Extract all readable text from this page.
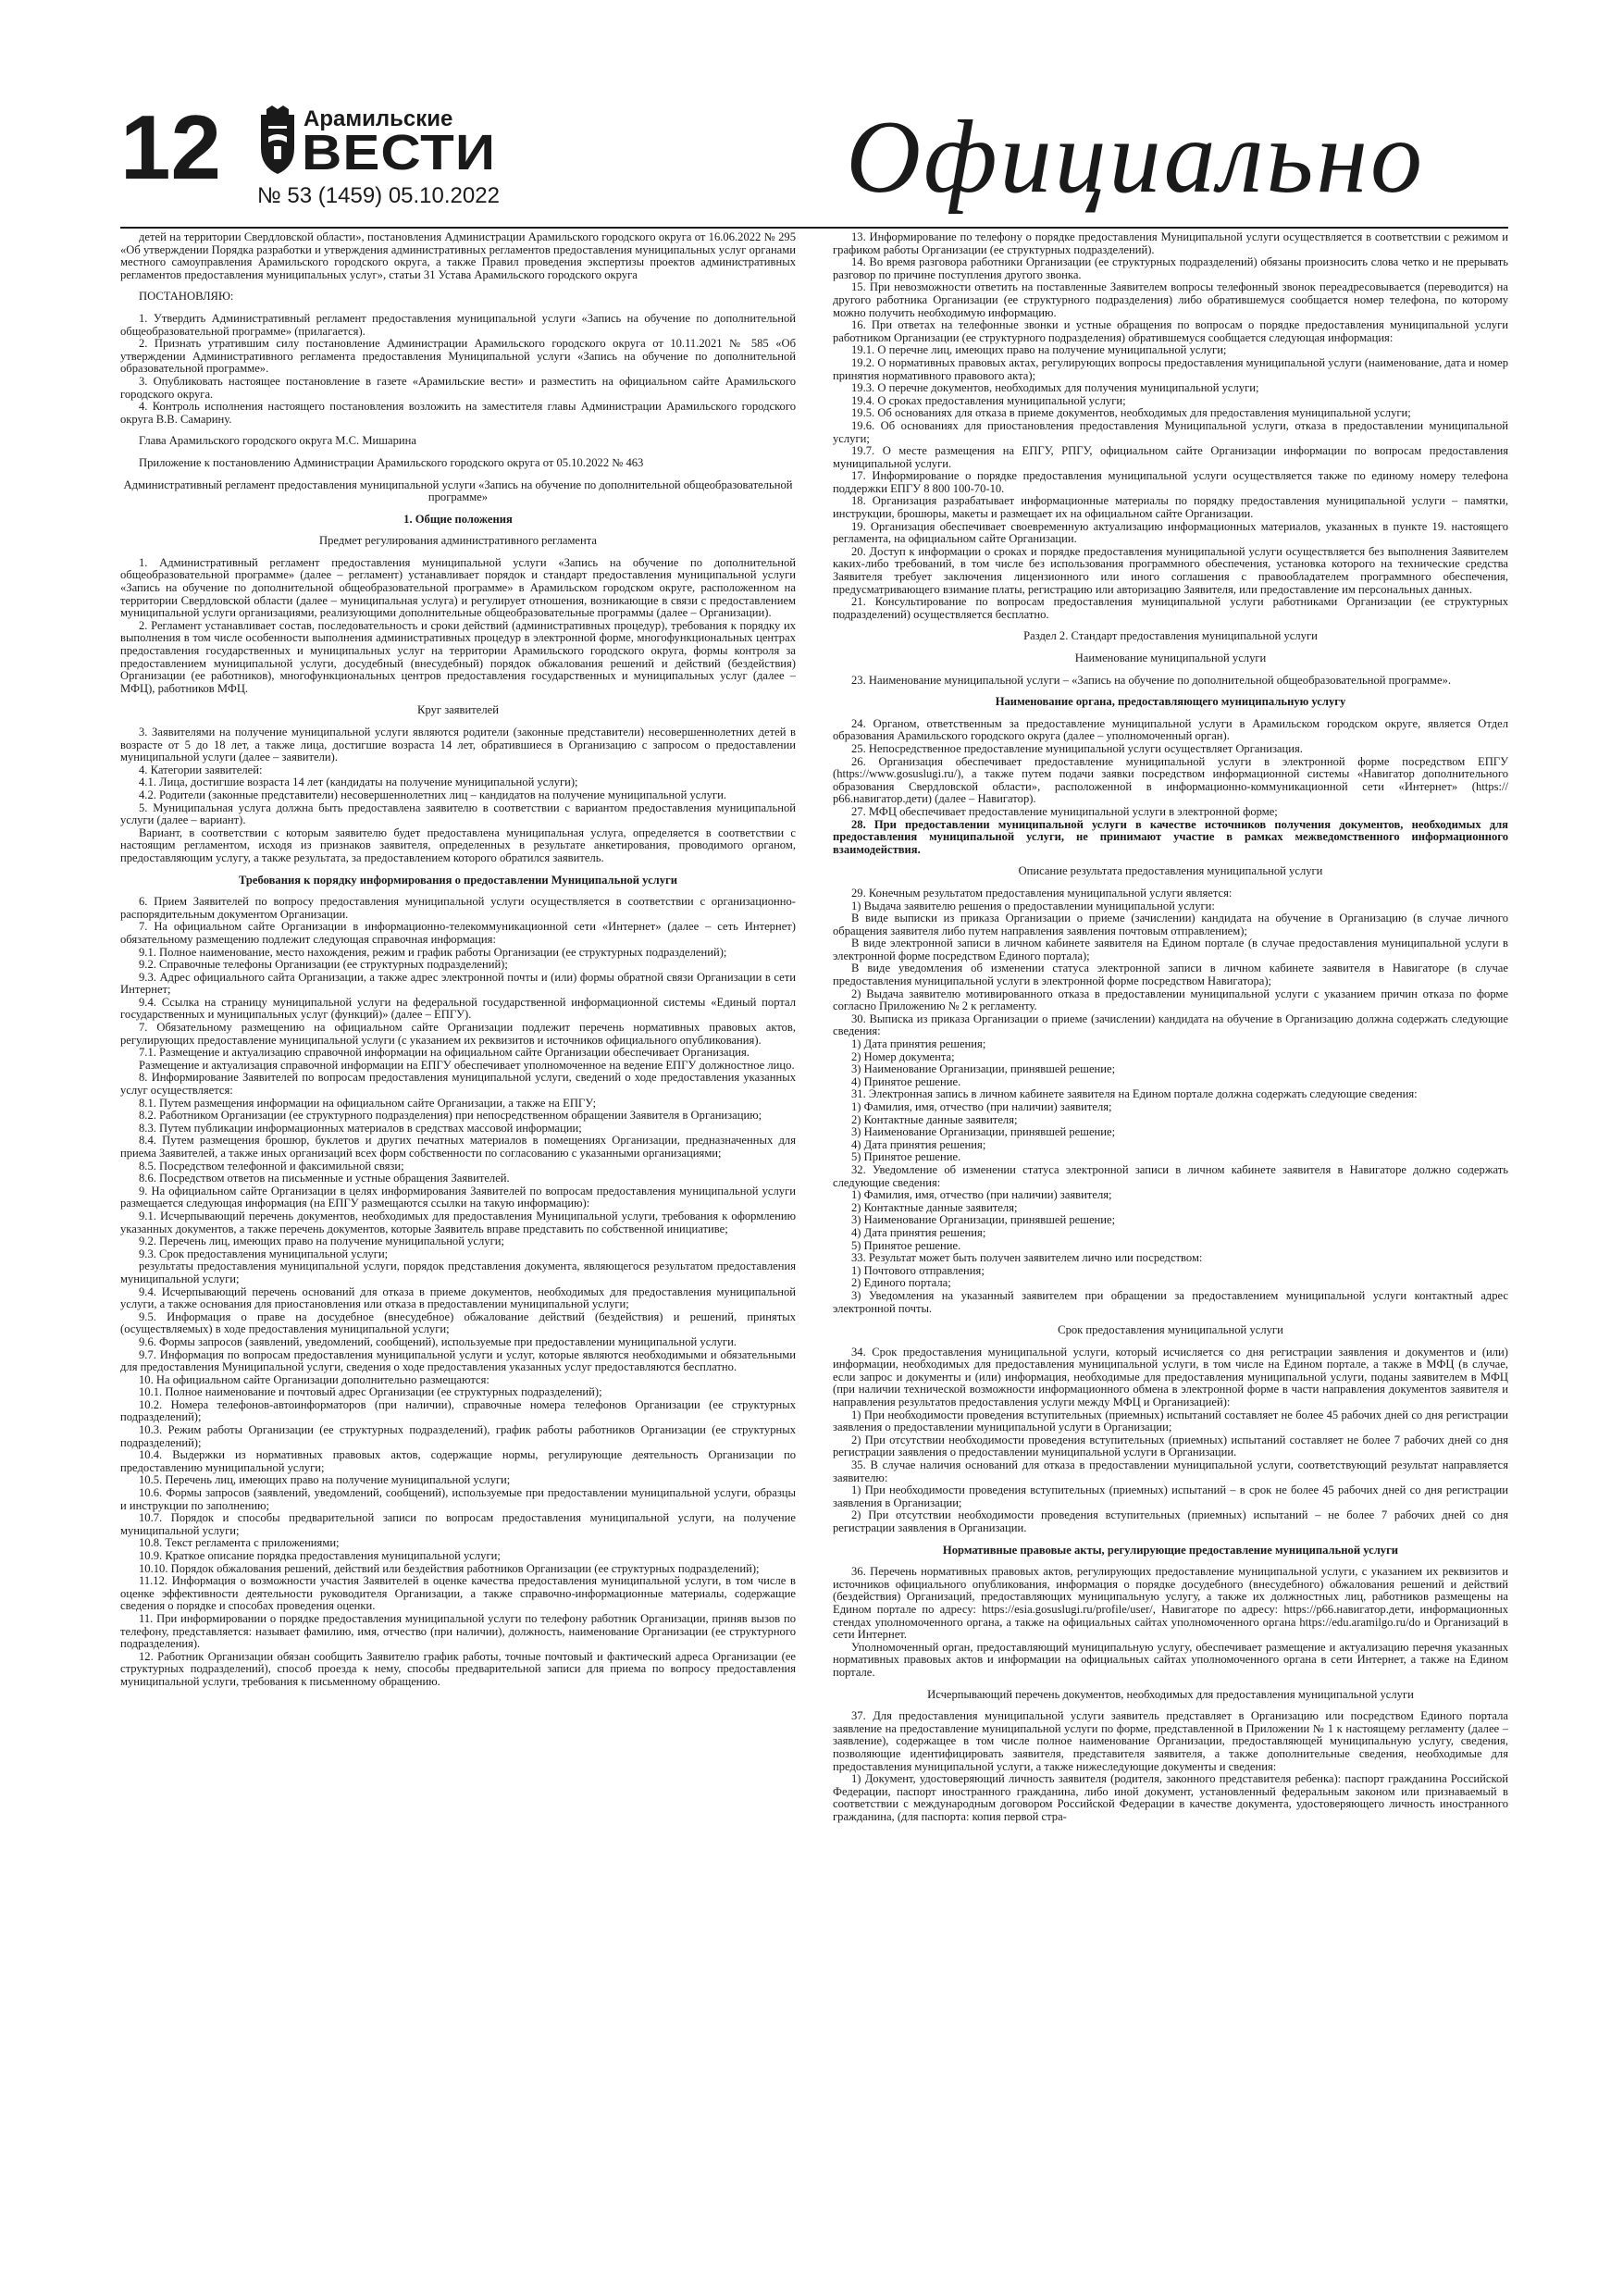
12	Арамильские
ВЕСТИ
№ 53 (1459) 05.10.2022	Официально

детей на территории Свердловской области», постановления Администрации Арамильского городского округа от 16.06.2022 № 295 «Об утверждении Порядка разработки и утверждения административных регламентов предоставления муниципальных услуг органами местного самоуправления Арамильского городского округа, а также Правил проведения экспертизы проектов административных регламентов предоставления муниципальных услуг», статьи 31 Устава Арамильского городского округа

ПОСТАНОВЛЯЮ:

1. Утвердить Административный регламент предоставления муниципальной услуги «Запись на обучение по дополнительной общеобразовательной программе» (прилагается).

2. Признать утратившим силу постановление Администрации Арамильского городского округа от 10.11.2021 № 585 «Об утверждении Административного регламента предоставления Муниципальной услуги «Запись на обучение по дополнительной образовательной программе».

3. Опубликовать настоящее постановление в газете «Арамильские вести» и разместить на официальном сайте Арамильского городского округа.

4. Контроль исполнения настоящего постановления возложить на заместителя главы Администрации Арамильского городского округа В.В. Самарину.

Глава Арамильского городского округа М.С. Мишарина

Приложение к постановлению Администрации Арамильского городского округа от 05.10.2022 № 463

Административный регламент предоставления муниципальной услуги «Запись на обучение по дополнительной общеобразовательной программе»

1. Общие положения

Предмет регулирования административного регламента

1. Административный регламент предоставления муниципальной услуги «Запись на обучение по дополнительной общеобразовательной программе» (далее – регламент) устанавливает порядок и стандарт предоставления муниципальной услуги «Запись на обучение по дополнительной общеобразовательной программе» в Арамильском городском округе, расположенном на территории Свердловской области (далее – муниципальная услуга) и регулирует отношения, возникающие в связи с предоставлением муниципальной услуги организациями, реализующими дополнительные общеобразовательные программы (далее – Организации).

2. Регламент устанавливает состав, последовательность и сроки действий (административных процедур), требования к порядку их выполнения в том числе особенности выполнения административных процедур в электронной форме, многофункциональных центрах предоставления государственных и муниципальных услуг на территории Арамильского городского округа, формы контроля за предоставлением муниципальной услуги, досудебный (внесудебный) порядок обжалования решений и действий (бездействия) Организации (ее работников), многофункциональных центров предоставления государственных и муниципальных услуг (далее – МФЦ), работников МФЦ.

Круг заявителей

3. Заявителями на получение муниципальной услуги являются родители (законные представители) несовершеннолетних детей в возрасте от 5 до 18 лет, а также лица, достигшие возраста 14 лет, обратившиеся в Организацию с запросом о предоставлении муниципальной услуги (далее – заявители).

4. Категории заявителей:

4.1. Лица, достигшие возраста 14 лет (кандидаты на получение муниципальной услуги);

4.2. Родители (законные представители) несовершеннолетних лиц – кандидатов на получение муниципальной услуги.

5. Муниципальная услуга должна быть предоставлена заявителю в соответствии с вариантом предоставления муниципальной услуги (далее – вариант).

Вариант, в соответствии с которым заявителю будет предоставлена муниципальная услуга, определяется в соответствии с настоящим регламентом, исходя из признаков заявителя, определенных в результате анкетирования, проводимого органом, предоставляющим услугу, а также результата, за предоставлением которого обратился заявитель.

Требования к порядку информирования о предоставлении Муниципальной услуги

6. Прием Заявителей по вопросу предоставления муниципальной услуги осуществляется в соответствии с организационно-распорядительным документом Организации.

7. На официальном сайте Организации в информационно-телекоммуникационной сети «Интернет» (далее – сеть Интернет) обязательному размещению подлежит следующая справочная информация:

9.1. Полное наименование, место нахождения, режим и график работы Организации (ее структурных подразделений);

9.2. Справочные телефоны Организации (ее структурных подразделений);

9.3. Адрес официального сайта Организации, а также адрес электронной почты и (или) формы обратной связи Организации в сети Интернет;

9.4. Ссылка на страницу муниципальной услуги на федеральной государственной информационной системы «Единый портал государственных и муниципальных услуг (функций)» (далее – ЕПГУ).

7. Обязательному размещению на официальном сайте Организации подлежит перечень нормативных правовых актов, регулирующих предоставление муниципальной услуги (с указанием их реквизитов и источников официального опубликования).

7.1. Размещение и актуализацию справочной информации на официальном сайте Организации обеспечивает Организация.

Размещение и актуализация справочной информации на ЕПГУ обеспечивает уполномоченное на ведение ЕПГУ должностное лицо.

8. Информирование Заявителей по вопросам предоставления муниципальной услуги, сведений о ходе предоставления указанных услуг осуществляется:

8.1. Путем размещения информации на официальном сайте Организации, а также на ЕПГУ;

8.2. Работником Организации (ее структурного подразделения) при непосредственном обращении Заявителя в Организацию;

8.3. Путем публикации информационных материалов в средствах массовой информации;

8.4. Путем размещения брошюр, буклетов и других печатных материалов в помещениях Организации, предназначенных для приема Заявителей, а также иных организаций всех форм собственности по согласованию с указанными организациями;

8.5. Посредством телефонной и факсимильной связи;

8.6. Посредством ответов на письменные и устные обращения Заявителей.

9. На официальном сайте Организации в целях информирования Заявителей по вопросам предоставления муниципальной услуги размещается следующая информация (на ЕПГУ размещаются ссылки на такую информацию):

9.1. Исчерпывающий перечень документов, необходимых для предоставления Муниципальной услуги, требования к оформлению указанных документов, а также перечень документов, которые Заявитель вправе представить по собственной инициативе;

9.2. Перечень лиц, имеющих право на получение муниципальной услуги;

9.3. Срок предоставления муниципальной услуги;

результаты предоставления муниципальной услуги, порядок представления документа, являющегося результатом предоставления муниципальной услуги;

9.4. Исчерпывающий перечень оснований для отказа в приеме документов, необходимых для предоставления муниципальной услуги, а также основания для приостановления или отказа в предоставлении муниципальной услуги;

9.5. Информация о праве на досудебное (внесудебное) обжалование действий (бездействия) и решений, принятых (осуществляемых) в ходе предоставления муниципальной услуги;

9.6. Формы запросов (заявлений, уведомлений, сообщений), используемые при предоставлении муниципальной услуги.

9.7. Информация по вопросам предоставления муниципальной услуги и услуг, которые являются необходимыми и обязательными для предоставления Муниципальной услуги, сведения о ходе предоставления указанных услуг предоставляются бесплатно.

10. На официальном сайте Организации дополнительно размещаются:

10.1. Полное наименование и почтовый адрес Организации (ее структурных подразделений);

10.2. Номера телефонов-автоинформаторов (при наличии), справочные номера телефонов Организации (ее структурных подразделений);

10.3. Режим работы Организации (ее структурных подразделений), график работы работников Организации (ее структурных подразделений);

10.4. Выдержки из нормативных правовых актов, содержащие нормы, регулирующие деятельность Организации по предоставлению муниципальной услуги;

10.5. Перечень лиц, имеющих право на получение муниципальной услуги;

10.6. Формы запросов (заявлений, уведомлений, сообщений), используемые при предоставлении муниципальной услуги, образцы и инструкции по заполнению;

10.7. Порядок и способы предварительной записи по вопросам предоставления муниципальной услуги, на получение муниципальной услуги;

10.8. Текст регламента с приложениями;

10.9. Краткое описание порядка предоставления муниципальной услуги;

10.10. Порядок обжалования решений, действий или бездействия работников Организации (ее структурных подразделений);

11.12. Информация о возможности участия Заявителей в оценке качества предоставления муниципальной услуги, в том числе в оценке эффективности деятельности руководителя Организации, а также справочно-информационные материалы, содержащие сведения о порядке и способах проведения оценки.

11. При информировании о порядке предоставления муниципальной услуги по телефону работник Организации, приняв вызов по телефону, представляется: называет фамилию, имя, отчество (при наличии), должность, наименование Организации (ее структурного подразделения).

12. Работник Организации обязан сообщить Заявителю график работы, точные почтовый и фактический адреса Организации (ее структурных подразделений), способ проезда к нему, способы предварительной записи для приема по вопросу предоставления муниципальной услуги, требования к письменному обращению.

13. Информирование по телефону о порядке предоставления Муниципальной услуги осуществляется в соответствии с режимом и графиком работы Организации (ее структурных подразделений).

14. Во время разговора работники Организации (ее структурных подразделений) обязаны произносить слова четко и не прерывать разговор по причине поступления другого звонка.

15. При невозможности ответить на поставленные Заявителем вопросы телефонный звонок переадресовывается (переводится) на другого работника Организации (ее структурного подразделения) либо обратившемуся сообщается номер телефона, по которому можно получить необходимую информацию.

16. При ответах на телефонные звонки и устные обращения по вопросам о порядке предоставления муниципальной услуги работником Организации (ее структурного подразделения) обратившемуся сообщается следующая информация:

19.1. О перечне лиц, имеющих право на получение муниципальной услуги;

19.2. О нормативных правовых актах, регулирующих вопросы предоставления муниципальной услуги (наименование, дата и номер принятия нормативного правового акта);

19.3. О перечне документов, необходимых для получения муниципальной услуги;

19.4. О сроках предоставления муниципальной услуги;

19.5. Об основаниях для отказа в приеме документов, необходимых для предоставления муниципальной услуги;

19.6. Об основаниях для приостановления предоставления Муниципальной услуги, отказа в предоставлении муниципальной услуги;

19.7. О месте размещения на ЕПГУ, РПГУ, официальном сайте Организации информации по вопросам предоставления муниципальной услуги.

17. Информирование о порядке предоставления муниципальной услуги осуществляется также по единому номеру телефона поддержки ЕПГУ 8 800 100-70-10.

18. Организация разрабатывает информационные материалы по порядку предоставления муниципальной услуги – памятки, инструкции, брошюры, макеты и размещает их на официальном сайте Организации.

19. Организация обеспечивает своевременную актуализацию информационных материалов, указанных в пункте 19. настоящего регламента, на официальном сайте Организации.

20. Доступ к информации о сроках и порядке предоставления муниципальной услуги осуществляется без выполнения Заявителем каких-либо требований, в том числе без использования программного обеспечения, установка которого на технические средства Заявителя требует заключения лицензионного или иного соглашения с правообладателем программного обеспечения, предусматривающего взимание платы, регистрацию или авторизацию Заявителя, или предоставление им персональных данных.

21. Консультирование по вопросам предоставления муниципальной услуги работниками Организации (ее структурных подразделений) осуществляется бесплатно.

Раздел 2. Стандарт предоставления муниципальной услуги

Наименование муниципальной услуги

23. Наименование муниципальной услуги – «Запись на обучение по дополнительной общеобразовательной программе».

Наименование органа, предоставляющего муниципальную услугу

24. Органом, ответственным за предоставление муниципальной услуги в Арамильском городском округе, является Отдел образования Арамильского городского округа (далее – уполномоченный орган).

25. Непосредственное предоставление муниципальной услуги осуществляет Организация.

26. Организация обеспечивает предоставление муниципальной услуги в электронной форме посредством ЕПГУ (https://www.gosuslugi.ru/), а также путем подачи заявки посредством информационной системы «Навигатор дополнительного образования Свердловской области», расположенной в информационно-коммуникационной сети «Интернет» (https://р66.навигатор.дети) (далее – Навигатор).

27. МФЦ обеспечивает предоставление муниципальной услуги в электронной форме;

28. При предоставлении муниципальной услуги в качестве источников получения документов, необходимых для предоставления муниципальной услуги, не принимают участие в рамках межведомственного информационного взаимодействия.

Описание результата предоставления муниципальной услуги

29. Конечным результатом предоставления муниципальной услуги является:

1) Выдача заявителю решения о предоставлении муниципальной услуги:

В виде выписки из приказа Организации о приеме (зачислении) кандидата на обучение в Организацию (в случае личного обращения заявителя либо путем направления заявления почтовым отправлением);

В виде электронной записи в личном кабинете заявителя на Едином портале (в случае предоставления муниципальной услуги в электронной форме посредством Единого портала);

В виде уведомления об изменении статуса электронной записи в личном кабинете заявителя в Навигаторе (в случае предоставления муниципальной услуги в электронной форме посредством Навигатора);

2) Выдача заявителю мотивированного отказа в предоставлении муниципальной услуги с указанием причин отказа по форме согласно Приложению № 2 к регламенту.

30. Выписка из приказа Организации о приеме (зачислении) кандидата на обучение в Организацию должна содержать следующие сведения:

1) Дата принятия решения;

2) Номер документа;

3) Наименование Организации, принявшей решение;

4) Принятое решение.

31. Электронная запись в личном кабинете заявителя на Едином портале должна содержать следующие сведения:

1) Фамилия, имя, отчество (при наличии) заявителя;

2) Контактные данные заявителя;

3) Наименование Организации, принявшей решение;

4) Дата принятия решения;

5) Принятое решение.

32. Уведомление об изменении статуса электронной записи в личном кабинете заявителя в Навигаторе должно содержать следующие сведения:

1) Фамилия, имя, отчество (при наличии) заявителя;

2) Контактные данные заявителя;

3) Наименование Организации, принявшей решение;

4) Дата принятия решения;

5) Принятое решение.

33. Результат может быть получен заявителем лично или посредством:

1) Почтового отправления;

2) Единого портала;

3) Уведомления на указанный заявителем при обращении за предоставлением муниципальной услуги контактный адрес электронной почты.

Срок предоставления муниципальной услуги

34. Срок предоставления муниципальной услуги, который исчисляется со дня регистрации заявления и документов и (или) информации, необходимых для предоставления муниципальной услуги, в том числе на Едином портале, а также в МФЦ (в случае, если запрос и документы и (или) информация, необходимые для предоставления муниципальной услуги, поданы заявителем в МФЦ (при наличии технической возможности информационного обмена в электронной форме в части направления документов заявителя и направления результатов предоставления услуги между МФЦ и Организацией):

1) При необходимости проведения вступительных (приемных) испытаний составляет не более 45 рабочих дней со дня регистрации заявления о предоставлении муниципальной услуги в Организации;

2) При отсутствии необходимости проведения вступительных (приемных) испытаний составляет не более 7 рабочих дней со дня регистрации заявления о предоставлении муниципальной услуги в Организации.

35. В случае наличия оснований для отказа в предоставлении муниципальной услуги, соответствующий результат направляется заявителю:

1) При необходимости проведения вступительных (приемных) испытаний – в срок не более 45 рабочих дней со дня регистрации заявления в Организации;

2) При отсутствии необходимости проведения вступительных (приемных) испытаний – не более 7 рабочих дней со дня регистрации заявления в Организации.

Нормативные правовые акты, регулирующие предоставление муниципальной услуги

36. Перечень нормативных правовых актов, регулирующих предоставление муниципальной услуги, с указанием их реквизитов и источников официального опубликования, информация о порядке досудебного (внесудебного) обжалования решений и действий (бездействия) Организаций, предоставляющих муниципальную услугу, а также их должностных лиц, работников размещены на Едином портале по адресу: https://esia.gosuslugi.ru/profile/user/, Навигаторе по адресу: https://р66.навигатор.дети, информационных стендах уполномоченного органа, а также на официальных сайтах уполномоченного органа https://edu.aramilgo.ru/do и Организаций в сети Интернет.

Уполномоченный орган, предоставляющий муниципальную услугу, обеспечивает размещение и актуализацию перечня указанных нормативных правовых актов и информации на официальных сайтах уполномоченного органа в сети Интернет, а также на Едином портале.

Исчерпывающий перечень документов, необходимых для предоставления муниципальной услуги

37. Для предоставления муниципальной услуги заявитель представляет в Организацию или посредством Единого портала заявление на предоставление муниципальной услуги по форме, представленной в Приложении № 1 к настоящему регламенту (далее – заявление), содержащее в том числе полное наименование Организации, предоставляющей муниципальную услугу, сведения, позволяющие идентифицировать заявителя, представителя заявителя, а также дополнительные сведения, необходимые для предоставления муниципальной услуги, а также нижеследующие документы и сведения:

1) Документ, удостоверяющий личность заявителя (родителя, законного представителя ребенка): паспорт гражданина Российской Федерации, паспорт иностранного гражданина, либо иной документ, установленный федеральным законом или признаваемый в соответствии с международным договором Российской Федерации в качестве документа, удостоверяющего личность иностранного гражданина, (для паспорта: копия первой стра-
